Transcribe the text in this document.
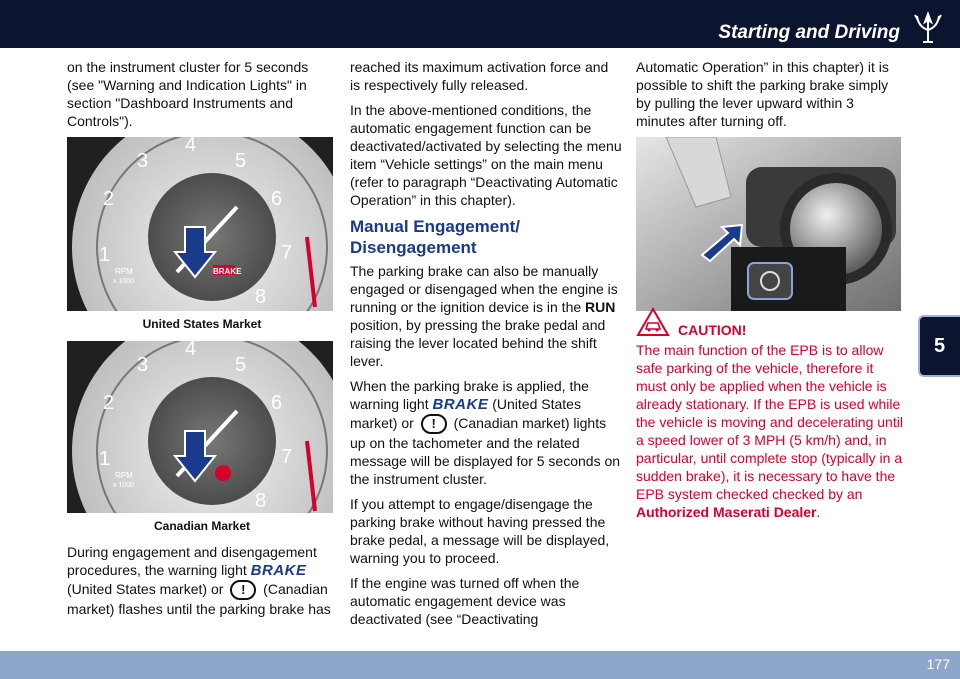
Starting and Driving
5

on the instrument cluster for 5 seconds (see "Warning and Indication Lights" in section "Dashboard Instruments and Controls").

BRAKE
RPM
x 1000
1
2
3
4
5
6
7
8
United States Market
RPM
x 1000
1
2
3
4
5
6
7
8
Canadian Market

During engagement and disengagement procedures, the warning light BRAKE (United States market) or ! (Canadian market) flashes until the parking brake has

reached its maximum activation force and is respectively fully released.

In the above-mentioned conditions, the automatic engagement function can be deactivated/activated by selecting the menu item “Vehicle settings” on the main menu (refer to paragraph “Deactivating Automatic Operation” in this chapter).

Manual Engagement/ Disengagement

The parking brake can also be manually engaged or disengaged when the engine is running or the ignition device is in the RUN position, by pressing the brake pedal and raising the lever located behind the shift lever.

When the parking brake is applied, the warning light BRAKE (United States market) or ! (Canadian market) lights up on the tachometer and the related message will be displayed for 5 seconds on the instrument cluster.

If you attempt to engage/disengage the parking brake without having pressed the brake pedal, a message will be displayed, warning you to proceed.

If the engine was turned off when the automatic engagement device was deactivated (see “Deactivating

Automatic Operation” in this chapter) it is possible to shift the parking brake simply by pulling the lever upward within 3 minutes after turning off.

CAUTION!

The main function of the EPB is to allow safe parking of the vehicle, therefore it must only be applied when the vehicle is already stationary. If the EPB is used while the vehicle is moving and decelerating until a speed lower of 3 MPH (5 km/h) and, in particular, until complete stop (typically in a sudden brake), it is necessary to have the EPB system checked checked by an Authorized Maserati Dealer.

177
